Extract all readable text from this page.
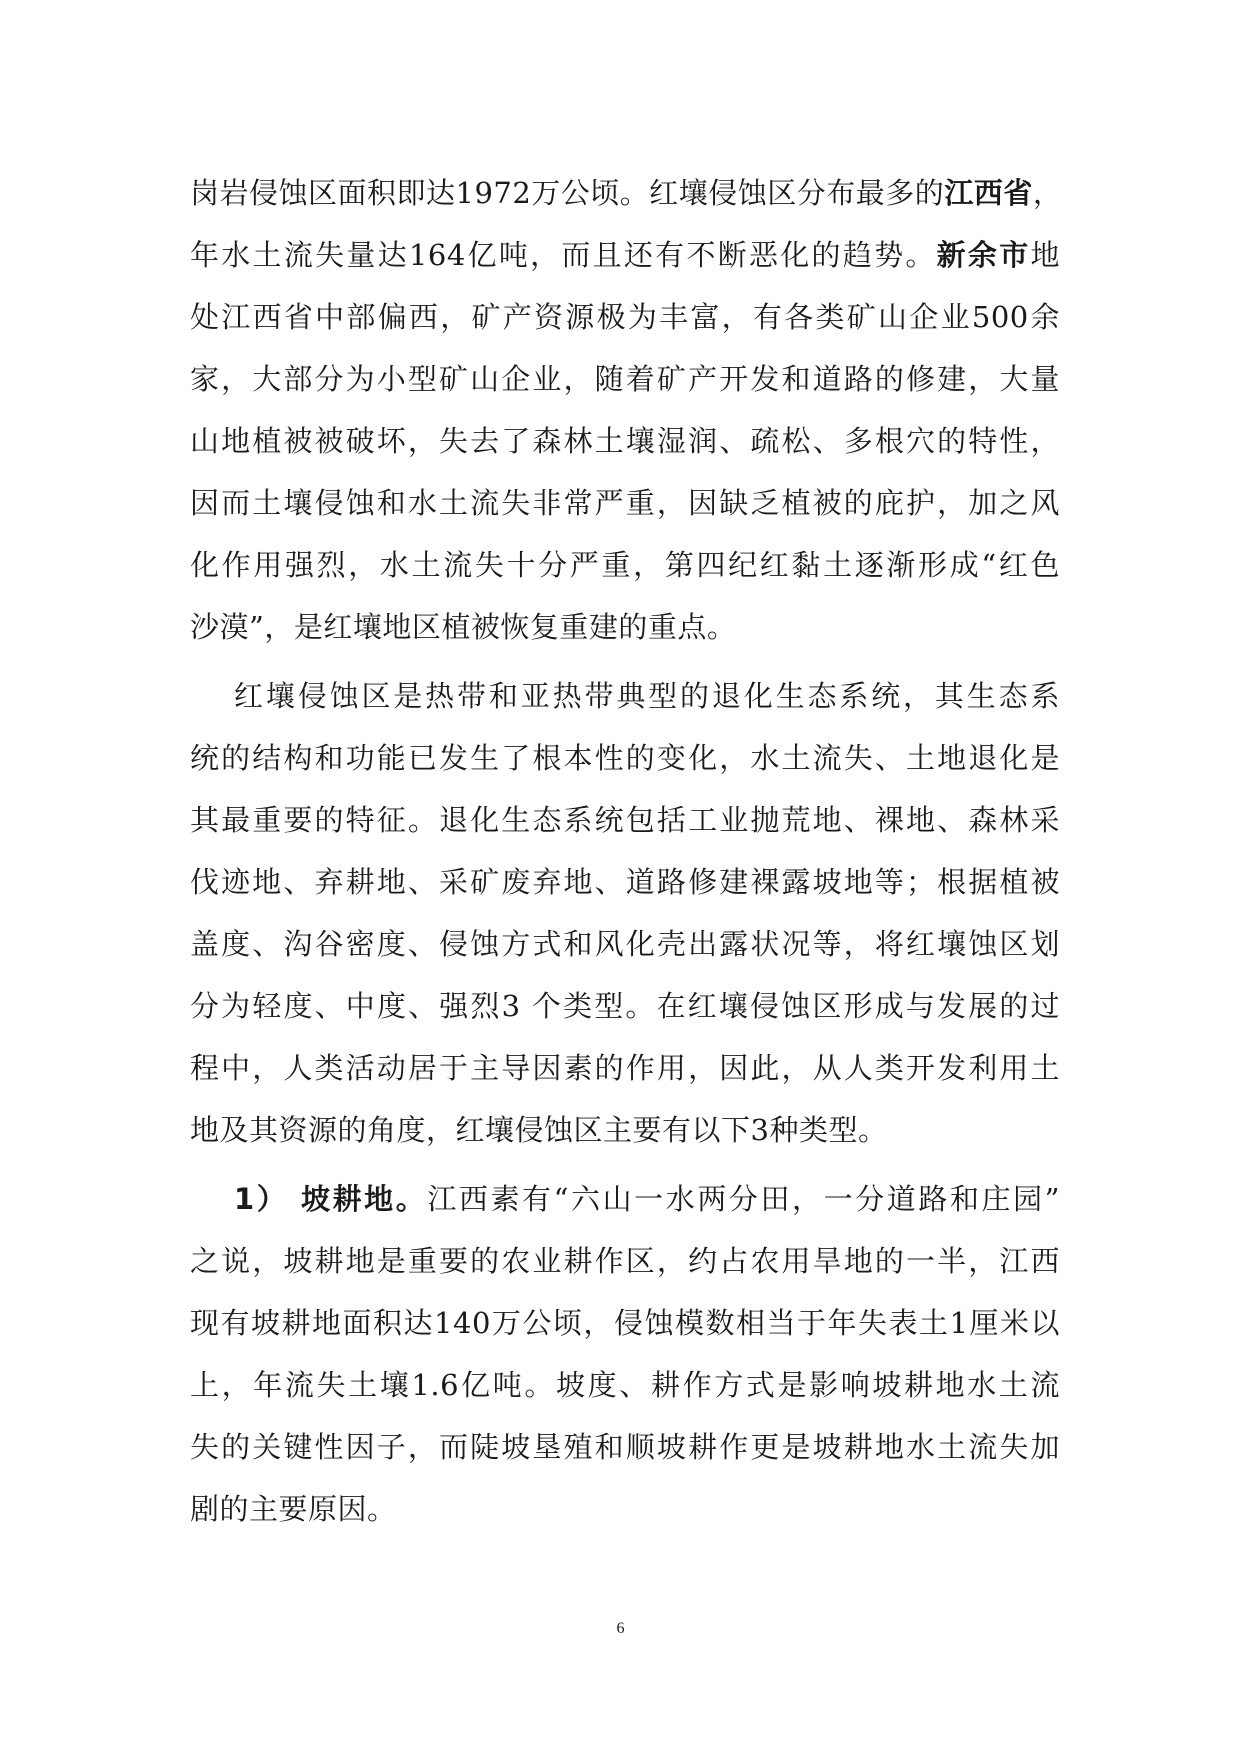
岗岩侵蚀区面积即达1972万公顷。红壤侵蚀区分布最多的江西省，
年水土流失量达164亿吨，而且还有不断恶化的趋势。新余市地
处江西省中部偏西，矿产资源极为丰富，有各类矿山企业500余
家，大部分为小型矿山企业，随着矿产开发和道路的修建，大量
山地植被被破坏，失去了森林土壤湿润、疏松、多根穴的特性，
因而土壤侵蚀和水土流失非常严重，因缺乏植被的庇护，加之风
化作用强烈，水土流失十分严重，第四纪红黏土逐渐形成“红色
沙漠”，是红壤地区植被恢复重建的重点。
红壤侵蚀区是热带和亚热带典型的退化生态系统，其生态系
统的结构和功能已发生了根本性的变化，水土流失、土地退化是
其最重要的特征。退化生态系统包括工业抛荒地、裸地、森林采
伐迹地、弃耕地、采矿废弃地、道路修建裸露坡地等；根据植被
盖度、沟谷密度、侵蚀方式和风化壳出露状况等，将红壤蚀区划
分为轻度、中度、强烈3 个类型。在红壤侵蚀区形成与发展的过
程中，人类活动居于主导因素的作用，因此，从人类开发利用土
地及其资源的角度，红壤侵蚀区主要有以下3种类型。
1） 坡耕地。江西素有“六山一水两分田，一分道路和庄园”
之说，坡耕地是重要的农业耕作区，约占农用旱地的一半，江西
现有坡耕地面积达140万公顷，侵蚀模数相当于年失表土1厘米以
上，年流失土壤1.6亿吨。坡度、耕作方式是影响坡耕地水土流
失的关键性因子，而陡坡垦殖和顺坡耕作更是坡耕地水土流失加
剧的主要原因。
6
